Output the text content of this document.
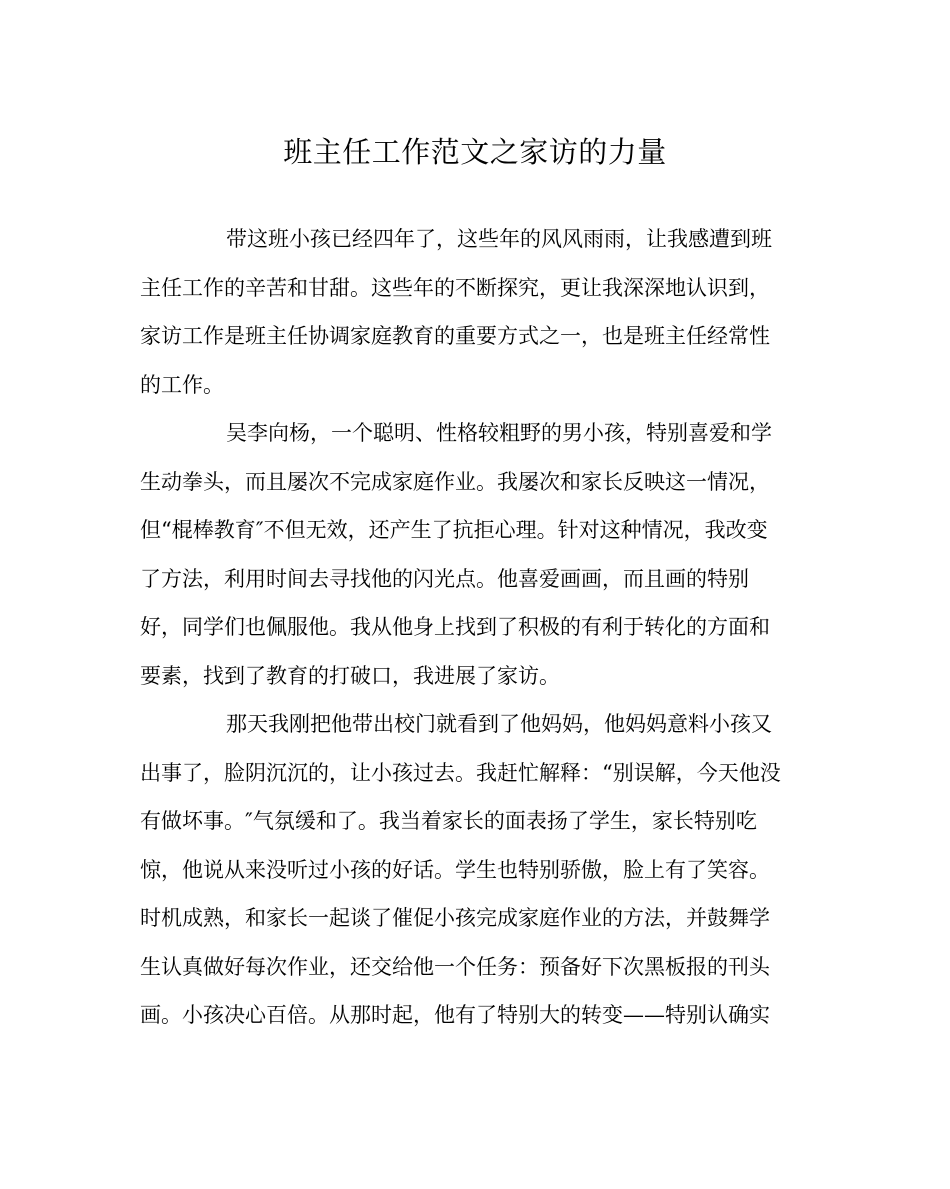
班主任工作范文之家访的力量
带这班小孩已经四年了，这些年的风风雨雨，让我感遭到班
主任工作的辛苦和甘甜。这些年的不断探究，更让我深深地认识到，
家访工作是班主任协调家庭教育的重要方式之一，也是班主任经常性
的工作。
吴李向杨，一个聪明、性格较粗野的男小孩，特别喜爱和学
生动拳头，而且屡次不完成家庭作业。我屡次和家长反映这一情况，
但“棍棒教育″不但无效，还产生了抗拒心理。针对这种情况，我改变
了方法，利用时间去寻找他的闪光点。他喜爱画画，而且画的特别
好，同学们也佩服他。我从他身上找到了积极的有利于转化的方面和
要素，找到了教育的打破口，我进展了家访。
那天我刚把他带出校门就看到了他妈妈，他妈妈意料小孩又
出事了，脸阴沉沉的，让小孩过去。我赶忙解释：“别误解，今天他没
有做坏事。″气氛缓和了。我当着家长的面表扬了学生，家长特别吃
惊，他说从来没听过小孩的好话。学生也特别骄傲，脸上有了笑容。
时机成熟，和家长一起谈了催促小孩完成家庭作业的方法，并鼓舞学
生认真做好每次作业，还交给他一个任务：预备好下次黑板报的刊头
画。小孩决心百倍。从那时起，他有了特别大的转变——特别认确实
